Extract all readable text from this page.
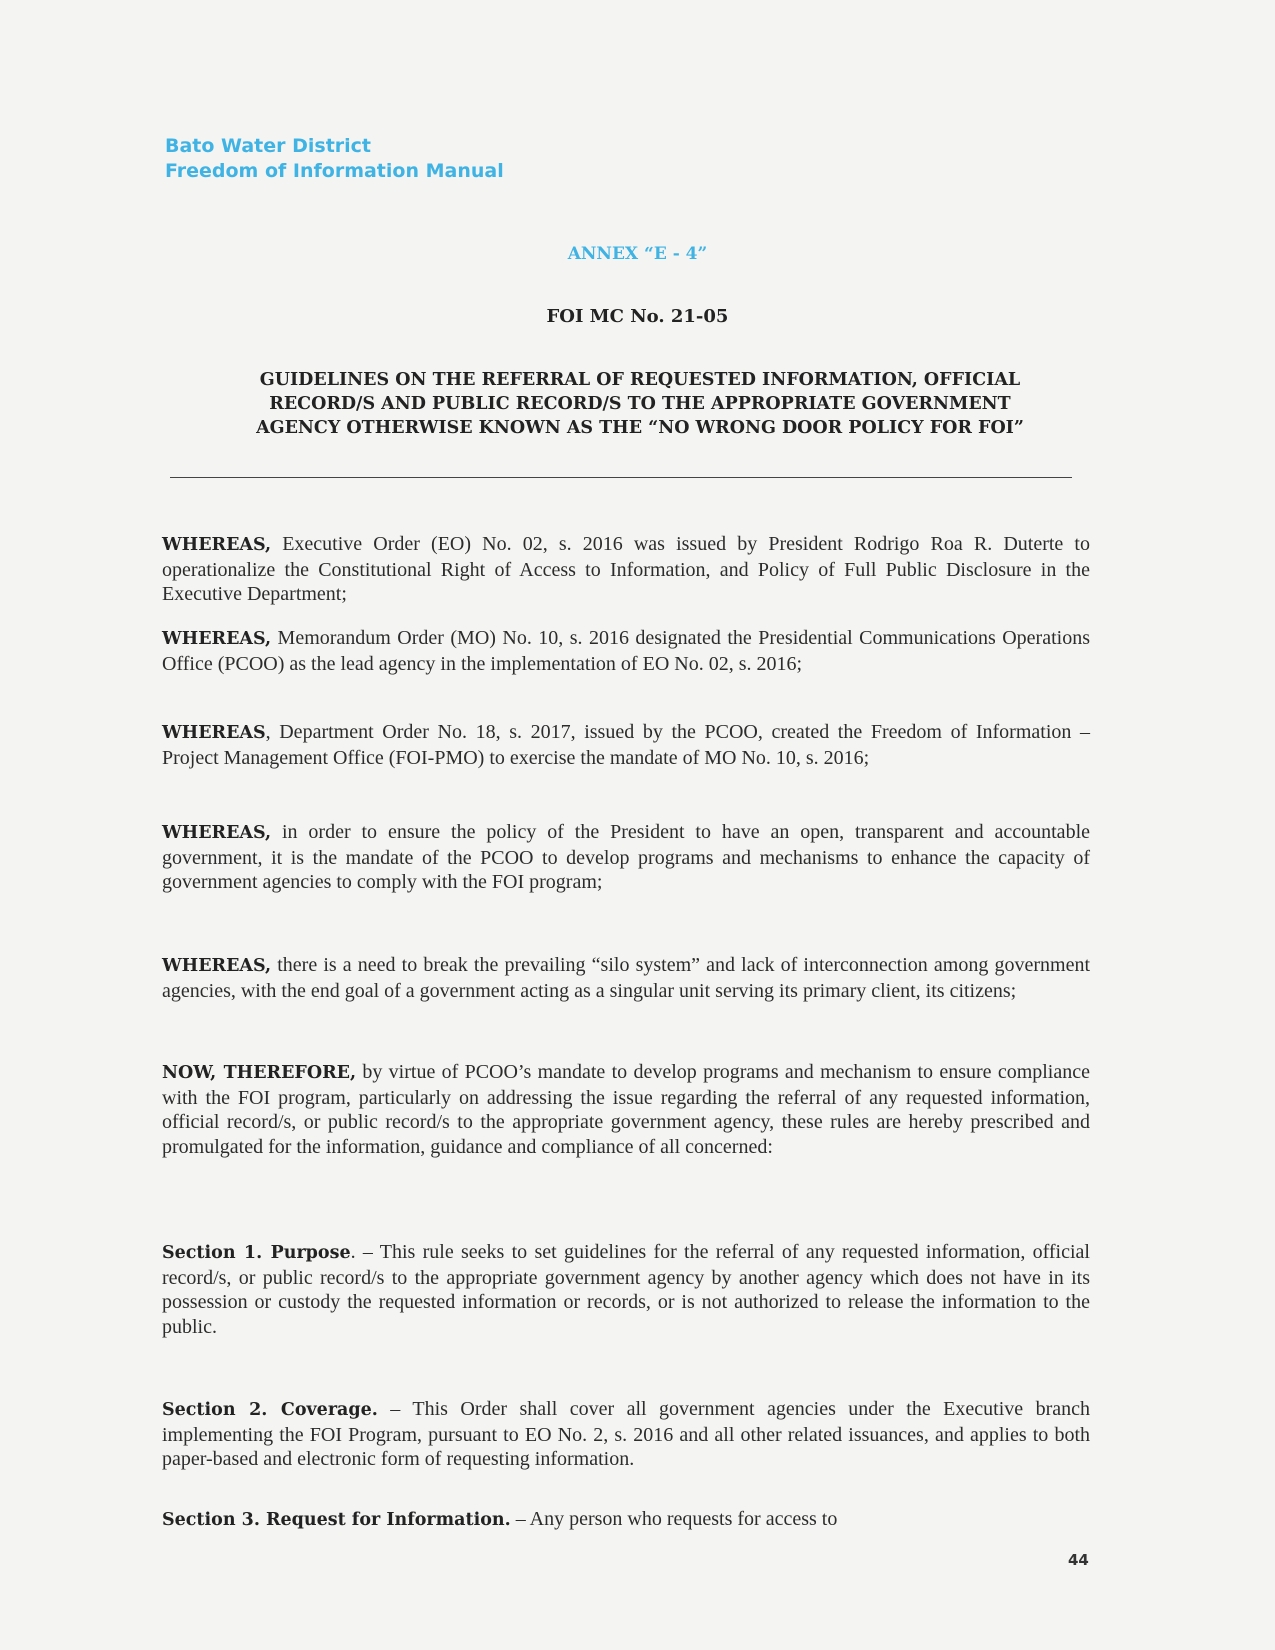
Bato Water District
Freedom of Information Manual
ANNEX “E - 4”
FOI MC No. 21-05
GUIDELINES ON THE REFERRAL OF REQUESTED INFORMATION, OFFICIAL
RECORD/S AND PUBLIC RECORD/S TO THE APPROPRIATE GOVERNMENT
AGENCY OTHERWISE KNOWN AS THE “NO WRONG DOOR POLICY FOR FOI”
WHEREAS, Executive Order (EO) No. 02, s. 2016 was issued by President Rodrigo Roa R. Duterte to operationalize the Constitutional Right of Access to Information, and Policy of Full Public Disclosure in the Executive Department;
WHEREAS, Memorandum Order (MO) No. 10, s. 2016 designated the Presidential Communications Operations Office (PCOO) as the lead agency in the implementation of EO No. 02, s. 2016;
WHEREAS, Department Order No. 18, s. 2017, issued by the PCOO, created the Freedom of Information – Project Management Office (FOI-PMO) to exercise the mandate of MO No. 10, s. 2016;
WHEREAS, in order to ensure the policy of the President to have an open, transparent and accountable government, it is the mandate of the PCOO to develop programs and mechanisms to enhance the capacity of government agencies to comply with the FOI program;
WHEREAS, there is a need to break the prevailing “silo system” and lack of interconnection among government agencies, with the end goal of a government acting as a singular unit serving its primary client, its citizens;
NOW, THEREFORE, by virtue of PCOO’s mandate to develop programs and mechanism to ensure compliance with the FOI program, particularly on addressing the issue regarding the referral of any requested information, official record/s, or public record/s to the appropriate government agency, these rules are hereby prescribed and promulgated for the information, guidance and compliance of all concerned:
Section 1. Purpose. – This rule seeks to set guidelines for the referral of any requested information, official record/s, or public record/s to the appropriate government agency by another agency which does not have in its possession or custody the requested information or records, or is not authorized to release the information to the public.
Section 2. Coverage. – This Order shall cover all government agencies under the Executive branch implementing the FOI Program, pursuant to EO No. 2, s. 2016 and all other related issuances, and applies to both paper-based and electronic form of requesting information.
Section 3. Request for Information. – Any person who requests for access to
44
